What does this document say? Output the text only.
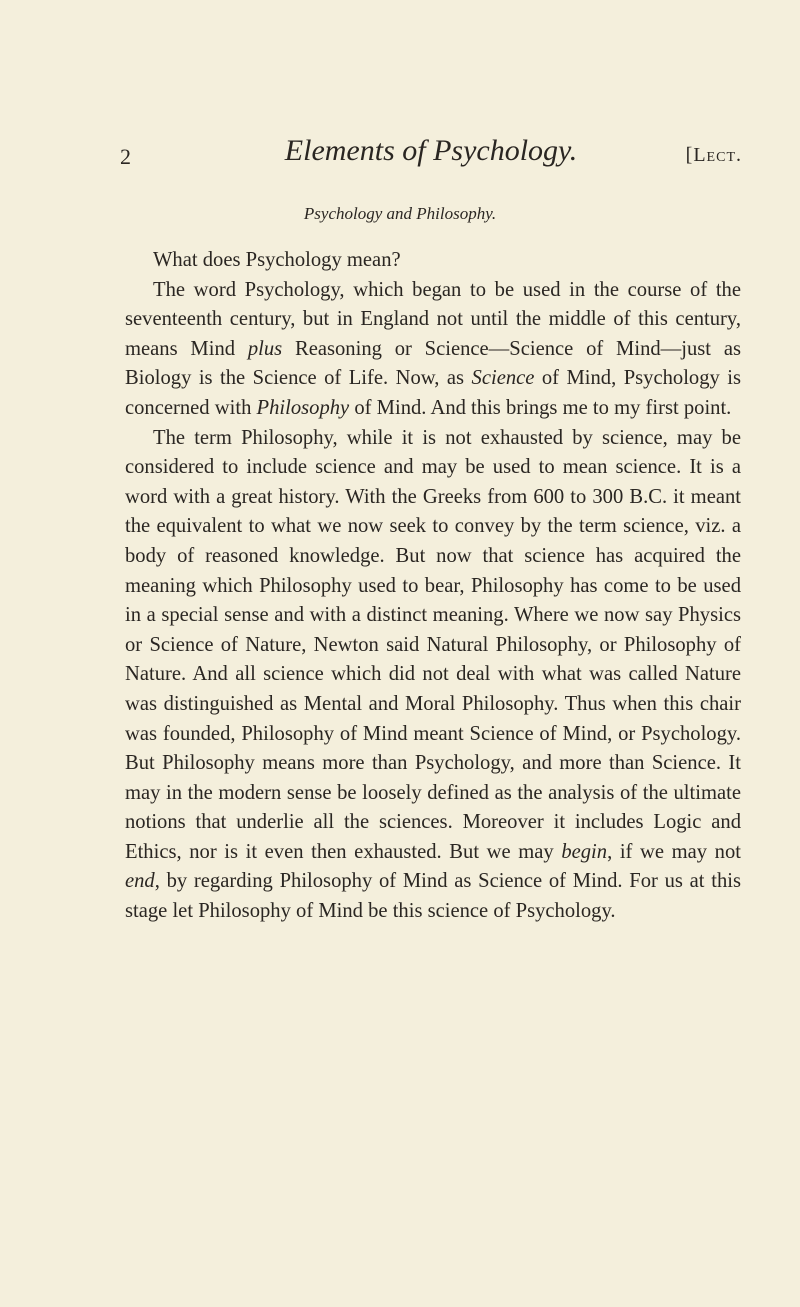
2	Elements of Psychology.	[Lect.
Psychology and Philosophy.

What does Psychology mean?

The word Psychology, which began to be used in the course of the seventeenth century, but in England not until the middle of this century, means Mind plus Reasoning or Science—Science of Mind—just as Biology is the Science of Life. Now, as Science of Mind, Psychology is concerned with Philosophy of Mind. And this brings me to my first point.

The term Philosophy, while it is not exhausted by science, may be considered to include science and may be used to mean science. It is a word with a great history. With the Greeks from 600 to 300 B.C. it meant the equivalent to what we now seek to convey by the term science, viz. a body of reasoned knowledge. But now that science has acquired the meaning which Philosophy used to bear, Philosophy has come to be used in a special sense and with a distinct meaning. Where we now say Physics or Science of Nature, Newton said Natural Philosophy, or Philosophy of Nature. And all science which did not deal with what was called Nature was distinguished as Mental and Moral Philosophy. Thus when this chair was founded, Philosophy of Mind meant Science of Mind, or Psychology. But Philosophy means more than Psychology, and more than Science. It may in the modern sense be loosely defined as the analysis of the ultimate notions that underlie all the sciences. Moreover it includes Logic and Ethics, nor is it even then exhausted. But we may begin, if we may not end, by regarding Philosophy of Mind as Science of Mind. For us at this stage let Philosophy of Mind be this science of Psychology.
